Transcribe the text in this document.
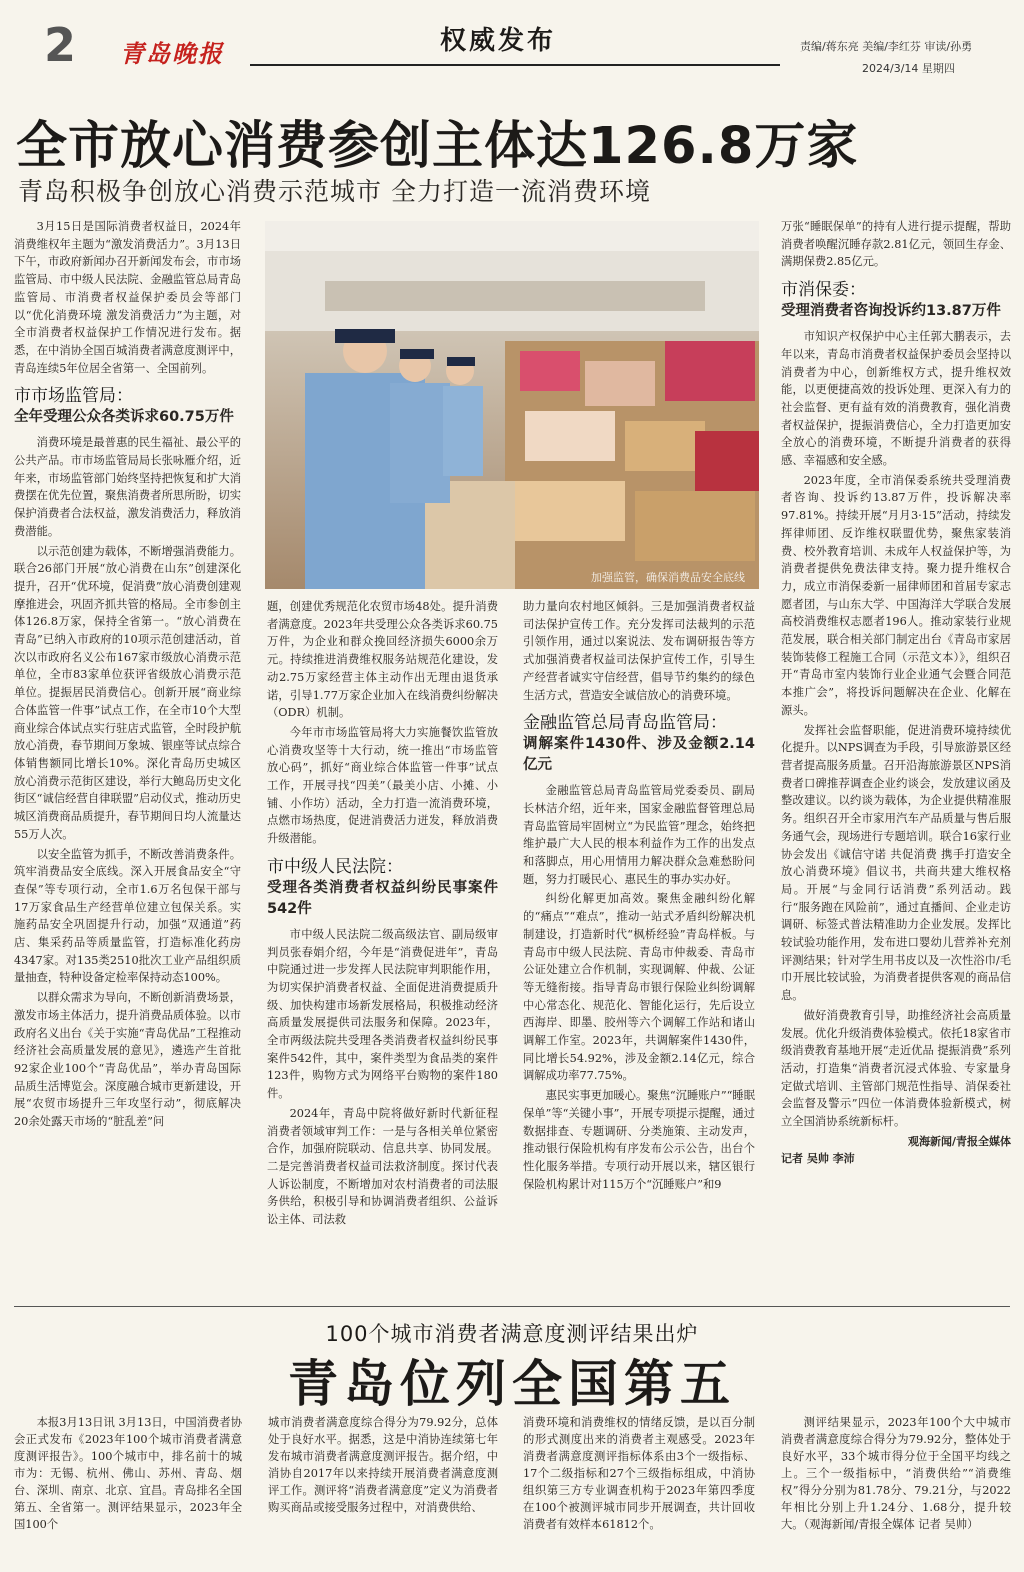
2 青岛晚报	权威发布	责编/蒋东亮 美编/李红芬 审读/孙勇
2024/3/14 星期四
全市放心消费参创主体达126.8万家
青岛积极争创放心消费示范城市 全力打造一流消费环境

3月15日是国际消费者权益日，2024年消费维权年主题为“激发消费活力”。3月13日下午，市政府新闻办召开新闻发布会，市市场监管局、市中级人民法院、金融监管总局青岛监管局、市消费者权益保护委员会等部门以“优化消费环境 激发消费活力”为主题，对全市消费者权益保护工作情况进行发布。据悉，在中消协全国百城消费者满意度测评中，青岛连续5年位居全省第一、全国前列。

市市场监管局：
全年受理公众各类诉求60.75万件

消费环境是最普惠的民生福祉、最公平的公共产品。市市场监管局局长张咏雁介绍，近年来，市场监管部门始终坚持把恢复和扩大消费摆在优先位置，聚焦消费者所思所盼，切实保护消费者合法权益，激发消费活力，释放消费潜能。

以示范创建为载体，不断增强消费能力。联合26部门开展“放心消费在山东”创建深化提升，召开“优环境，促消费”放心消费创建观摩推进会，巩固齐抓共管的格局。全市参创主体126.8万家，保持全省第一。“放心消费在青岛”已纳入市政府的10项示范创建活动，首次以市政府名义公布167家市级放心消费示范单位，全市83家单位获评省级放心消费示范单位。提振居民消费信心。创新开展“商业综合体监管一件事”试点工作，在全市10个大型商业综合体试点实行驻店式监管，全时段护航放心消费，春节期间万象城、银座等试点综合体销售额同比增长10%。深化青岛历史城区放心消费示范街区建设，举行大鲍岛历史文化街区“诚信经营自律联盟”启动仪式，推动历史城区消费商品质提升，春节期间日均人流量达55万人次。

以安全监管为抓手，不断改善消费条件。筑牢消费品安全底线。深入开展食品安全“守查保”等专项行动，全市1.6万名包保干部与17万家食品生产经营单位建立包保关系。实施药品安全巩固提升行动，加强“双通道”药店、集采药品等质量监管，打造标准化药房4347家。对135类2510批次工业产品组织质量抽查，特种设备定检率保持动态100%。

以群众需求为导向，不断创新消费场景，激发市场主体活力，提升消费品质体验。以市政府名义出台《关于实施“青岛优品”工程推动经济社会高质量发展的意见》，遴选产生首批92家企业100个“青岛优品”，举办青岛国际品质生活博览会。深度融合城市更新建设，开展“农贸市场提升三年攻坚行动”，彻底解决20余处露天市场的“脏乱差”问

加强监管，确保消费品安全底线

题，创建优秀规范化农贸市场48处。提升消费者满意度。2023年共受理公众各类诉求60.75万件，为企业和群众挽回经济损失6000余万元。持续推进消费维权服务站规范化建设，发动2.75万家经营主体主动作出无理由退货承诺，引导1.77万家企业加入在线消费纠纷解决（ODR）机制。

今年市市场监管局将大力实施餐饮监管放心消费攻坚等十大行动，统一推出“市场监管放心码”，抓好“商业综合体监管一件事”试点工作，开展寻找“四美”（最美小店、小摊、小铺、小作坊）活动，全力打造一流消费环境，点燃市场热度，促进消费活力迸发，释放消费升级潜能。

市中级人民法院：
受理各类消费者权益纠纷民事案件542件

市中级人民法院二级高级法官、副局级审判员张春娟介绍，今年是“消费促进年”，青岛中院通过进一步发挥人民法院审判职能作用，为切实保护消费者权益、全面促进消费提质升级、加快构建市场新发展格局，积极推动经济高质量发展提供司法服务和保障。2023年，全市两级法院共受理各类消费者权益纠纷民事案件542件，其中，案件类型为食品类的案件123件，购物方式为网络平台购物的案件180件。

2024年，青岛中院将做好新时代新征程消费者领域审判工作：一是与各相关单位紧密合作，加强府院联动、信息共享、协同发展。二是完善消费者权益司法救济制度。探讨代表人诉讼制度，不断增加对农村消费者的司法服务供给，积极引导和协调消费者组织、公益诉讼主体、司法救

助力量向农村地区倾斜。三是加强消费者权益司法保护宣传工作。充分发挥司法裁判的示范引领作用，通过以案说法、发布调研报告等方式加强消费者权益司法保护宣传工作，引导生产经营者诚实守信经营，倡导节约集约的绿色生活方式，营造安全诚信放心的消费环境。

金融监管总局青岛监管局：
调解案件1430件、涉及金额2.14亿元

金融监管总局青岛监管局党委委员、副局长林洁介绍，近年来，国家金融监督管理总局青岛监管局牢固树立“为民监管”理念，始终把维护最广大人民的根本利益作为工作的出发点和落脚点，用心用情用力解决群众急难愁盼问题，努力打暖民心、惠民生的事办实办好。

纠纷化解更加高效。聚焦金融纠纷化解的“痛点”“难点”，推动一站式矛盾纠纷解决机制建设，打造新时代“枫桥经验”青岛样板。与青岛市中级人民法院、青岛市仲裁委、青岛市公证处建立合作机制，实现调解、仲裁、公证等无缝衔接。指导青岛市银行保险业纠纷调解中心常态化、规范化、智能化运行，先后设立西海岸、即墨、胶州等六个调解工作站和诸山调解工作室。2023年，共调解案件1430件，同比增长54.92%，涉及金额2.14亿元，综合调解成功率77.75%。

惠民实事更加暖心。聚焦“沉睡账户”“睡眠保单”等“关键小事”，开展专项提示提醒，通过数据排查、专题调研、分类施策、主动发声，推动银行保险机构有序发布公示公告，出台个性化服务举措。专项行动开展以来，辖区银行保险机构累计对115万个“沉睡账户”和9

万张“睡眠保单”的持有人进行提示提醒，帮助消费者唤醒沉睡存款2.81亿元，领回生存金、满期保费2.85亿元。

市消保委：
受理消费者咨询投诉约13.87万件

市知识产权保护中心主任郭大鹏表示，去年以来，青岛市消费者权益保护委员会坚持以消费者为中心，创新维权方式，提升维权效能，以更便捷高效的投诉处理、更深入有力的社会监督、更有益有效的消费教育，强化消费者权益保护，提振消费信心，全力打造更加安全放心的消费环境，不断提升消费者的获得感、幸福感和安全感。

2023年度，全市消保委系统共受理消费者咨询、投诉约13.87万件，投诉解决率97.81%。持续开展“月月3·15”活动，持续发挥律师团、反诈维权联盟优势，聚焦家装消费、校外教育培训、未成年人权益保护等，为消费者提供免费法律支持。聚力提升维权合力，成立市消保委新一届律师团和首届专家志愿者团，与山东大学、中国海洋大学联合发展高校消费维权志愿者196人。推动家装行业规范发展，联合相关部门制定出台《青岛市家居装饰装修工程施工合同（示范文本）》，组织召开“青岛市室内装饰行业企业通气会暨合同范本推广会”，将投诉问题解决在企业、化解在源头。

发挥社会监督职能，促进消费环境持续优化提升。以NPS调查为手段，引导旅游景区经营者提高服务质量。召开沿海旅游景区NPS消费者口碑推荐调查企业约谈会，发放建议函及整改建议。以约谈为载体，为企业提供精准服务。组织召开全市家用汽车产品质量与售后服务通气会，现场进行专题培训。联合16家行业协会发出《诚信守诺 共促消费 携手打造安全放心消费环境》倡议书，共商共建大维权格局。开展“与金同行话消费”系列活动。践行“服务跑在风险前”，通过直播间、企业走访调研、标签式普法精准助力企业发展。发挥比较试验功能作用，发布进口婴幼儿营养补充剂评测结果；针对学生用书皮以及一次性浴巾/毛巾开展比较试验，为消费者提供客观的商品信息。

做好消费教育引导，助推经济社会高质量发展。优化升级消费体验模式。依托18家省市级消费教育基地开展“走近优品 提振消费”系列活动，打造集“消费者沉浸式体验、专家量身定做式培训、主管部门规范性指导、消保委社会监督及警示”四位一体消费体验新模式，树立全国消协系统新标杆。

观海新闻/青报全媒体
记者 吴帅 李沛
100个城市消费者满意度测评结果出炉
青岛位列全国第五

本报3月13日讯 3月13日，中国消费者协会正式发布《2023年100个城市消费者满意度测评报告》。100个城市中，排名前十的城市为：无锡、杭州、佛山、苏州、青岛、烟台、深圳、南京、北京、宜昌。青岛排名全国第五、全省第一。测评结果显示，2023年全国100个

城市消费者满意度综合得分为79.92分，总体处于良好水平。据悉，这是中消协连续第七年发布城市消费者满意度测评报告。据介绍，中消协自2017年以来持续开展消费者满意度测评工作。测评将“消费者满意度”定义为消费者购买商品或接受服务过程中，对消费供给、

消费环境和消费维权的情绪反馈，是以百分制的形式测度出来的消费者主观感受。2023年消费者满意度测评指标体系由3个一级指标、17个二级指标和27个三级指标组成，中消协组织第三方专业调查机构于2023年第四季度在100个被测评城市同步开展调查，共计回收消费者有效样本61812个。

测评结果显示，2023年100个大中城市消费者满意度综合得分为79.92分，整体处于良好水平，33个城市得分位于全国平均线之上。三个一级指标中，“消费供给”“消费维权”得分分别为81.78分、79.21分，与2022年相比分别上升1.24分、1.68分，提升较大。（观海新闻/青报全媒体 记者 吴帅）
